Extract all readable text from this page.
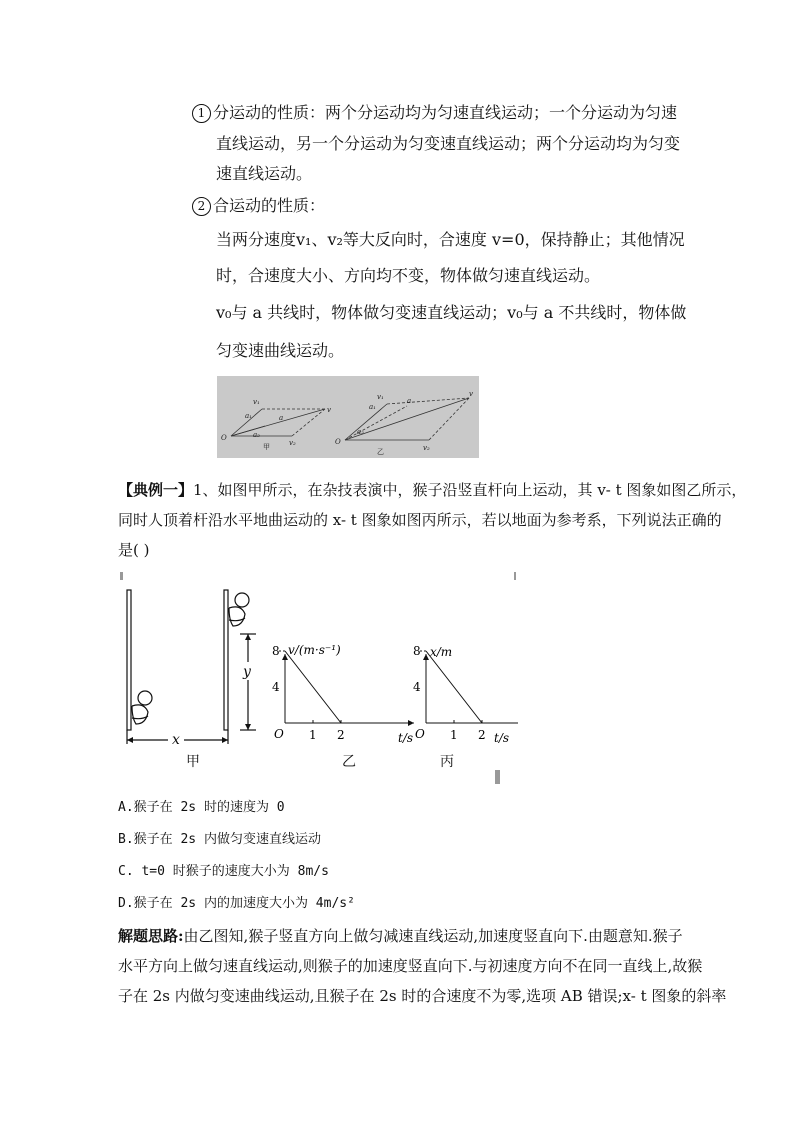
1 分运动的性质：两个分运动均为匀速直线运动；一个分运动为匀速
直线运动，另一个分运动为匀变速直线运动；两个分运动均为匀变
速直线运动。
2 合运动的性质：
当两分速度v₁、v₂等大反向时，合速度 v=0，保持静止；其他情况
时，合速度大小、方向均不变，物体做匀速直线运动。
v₀与 a 共线时，物体做匀变速直线运动；v₀与 a 不共线时，物体做
匀变速曲线运动。
v₁
v
a₁	a
a₂
O
v₂
甲
v₁
a₁
a
v
O
a₂
v₂
乙
【典例一】1、如图甲所示，在杂技表演中，猴子沿竖直杆向上运动，其 v- t 图象如图乙所示，
同时人顶着杆沿水平地曲运动的 x- t 图象如图丙所示，若以地面为参考系，下列说法正确的
是( )
x
y
甲	乙	丙
v/(m·s⁻¹)
t/s
O
8
4
1 2
x/m
t/s
O
8
4
1 2
A.猴子在 2s 时的速度为 0
B.猴子在 2s 内做匀变速直线运动
C. t=0 时猴子的速度大小为 8m/s
D.猴子在 2s 内的加速度大小为 4m/s²
解题思路:由乙图知,猴子竖直方向上做匀减速直线运动,加速度竖直向下.由题意知.猴子
水平方向上做匀速直线运动,则猴子的加速度竖直向下.与初速度方向不在同一直线上,故猴
子在 2s 内做匀变速曲线运动,且猴子在 2s 时的合速度不为零,选项 AB 错误;x- t 图象的斜率
